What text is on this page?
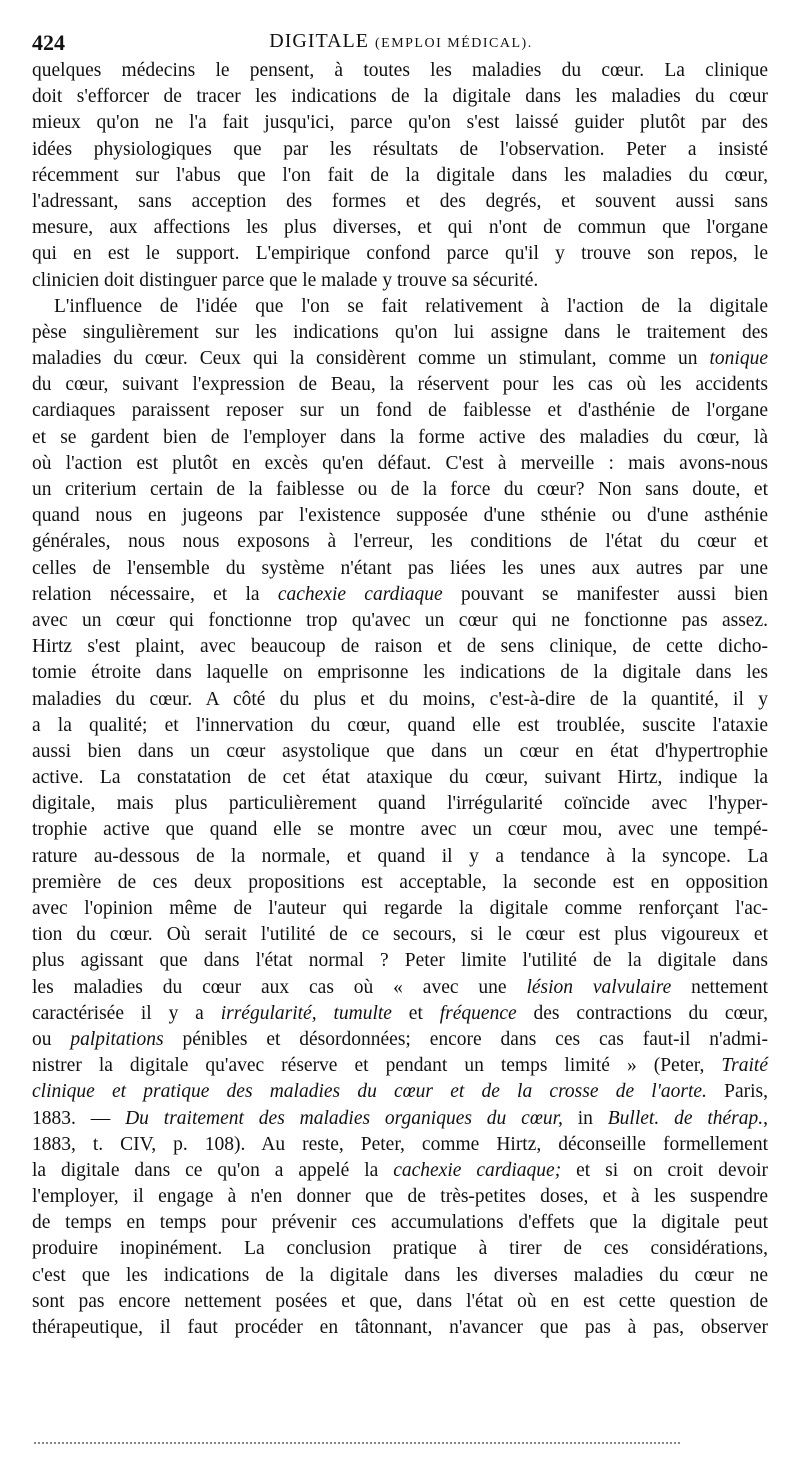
424	DIGITALE (EMPLOI MÉDICAL).
quelques médecins le pensent, à toutes les maladies du cœur. La clinique
doit s'efforcer de tracer les indications de la digitale dans les maladies du cœur
mieux qu'on ne l'a fait jusqu'ici, parce qu'on s'est laissé guider plutôt par des
idées physiologiques que par les résultats de l'observation. Peter a insisté
récemment sur l'abus que l'on fait de la digitale dans les maladies du cœur,
l'adressant, sans acception des formes et des degrés, et souvent aussi sans
mesure, aux affections les plus diverses, et qui n'ont de commun que l'organe
qui en est le support. L'empirique confond parce qu'il y trouve son repos, le
clinicien doit distinguer parce que le malade y trouve sa sécurité.
L'influence de l'idée que l'on se fait relativement à l'action de la digitale
pèse singulièrement sur les indications qu'on lui assigne dans le traitement des
maladies du cœur. Ceux qui la considèrent comme un stimulant, comme un tonique
du cœur, suivant l'expression de Beau, la réservent pour les cas où les accidents
cardiaques paraissent reposer sur un fond de faiblesse et d'asthénie de l'organe
et se gardent bien de l'employer dans la forme active des maladies du cœur, là
où l'action est plutôt en excès qu'en défaut. C'est à merveille : mais avons-nous
un criterium certain de la faiblesse ou de la force du cœur? Non sans doute, et
quand nous en jugeons par l'existence supposée d'une sthénie ou d'une asthénie
générales, nous nous exposons à l'erreur, les conditions de l'état du cœur et
celles de l'ensemble du système n'étant pas liées les unes aux autres par une
relation nécessaire, et la cachexie cardiaque pouvant se manifester aussi bien
avec un cœur qui fonctionne trop qu'avec un cœur qui ne fonctionne pas assez.
Hirtz s'est plaint, avec beaucoup de raison et de sens clinique, de cette dicho-
tomie étroite dans laquelle on emprisonne les indications de la digitale dans les
maladies du cœur. A côté du plus et du moins, c'est-à-dire de la quantité, il y
a la qualité; et l'innervation du cœur, quand elle est troublée, suscite l'ataxie
aussi bien dans un cœur asystolique que dans un cœur en état d'hypertrophie
active. La constatation de cet état ataxique du cœur, suivant Hirtz, indique la
digitale, mais plus particulièrement quand l'irrégularité coïncide avec l'hyper-
trophie active que quand elle se montre avec un cœur mou, avec une tempé-
rature au-dessous de la normale, et quand il y a tendance à la syncope. La
première de ces deux propositions est acceptable, la seconde est en opposition
avec l'opinion même de l'auteur qui regarde la digitale comme renforçant l'ac-
tion du cœur. Où serait l'utilité de ce secours, si le cœur est plus vigoureux et
plus agissant que dans l'état normal ? Peter limite l'utilité de la digitale dans
les maladies du cœur aux cas où « avec une lésion valvulaire nettement
caractérisée il y a irrégularité, tumulte et fréquence des contractions du cœur,
ou palpitations pénibles et désordonnées; encore dans ces cas faut-il n'admi-
nistrer la digitale qu'avec réserve et pendant un temps limité » (Peter, Traité
clinique et pratique des maladies du cœur et de la crosse de l'aorte. Paris,
1883. — Du traitement des maladies organiques du cœur, in Bullet. de thérap.,
1883, t. CIV, p. 108). Au reste, Peter, comme Hirtz, déconseille formellement
la digitale dans ce qu'on a appelé la cachexie cardiaque; et si on croit devoir
l'employer, il engage à n'en donner que de très-petites doses, et à les suspendre
de temps en temps pour prévenir ces accumulations d'effets que la digitale peut
produire inopinément. La conclusion pratique à tirer de ces considérations,
c'est que les indications de la digitale dans les diverses maladies du cœur ne
sont pas encore nettement posées et que, dans l'état où en est cette question de
thérapeutique, il faut procéder en tâtonnant, n'avancer que pas à pas, observer
